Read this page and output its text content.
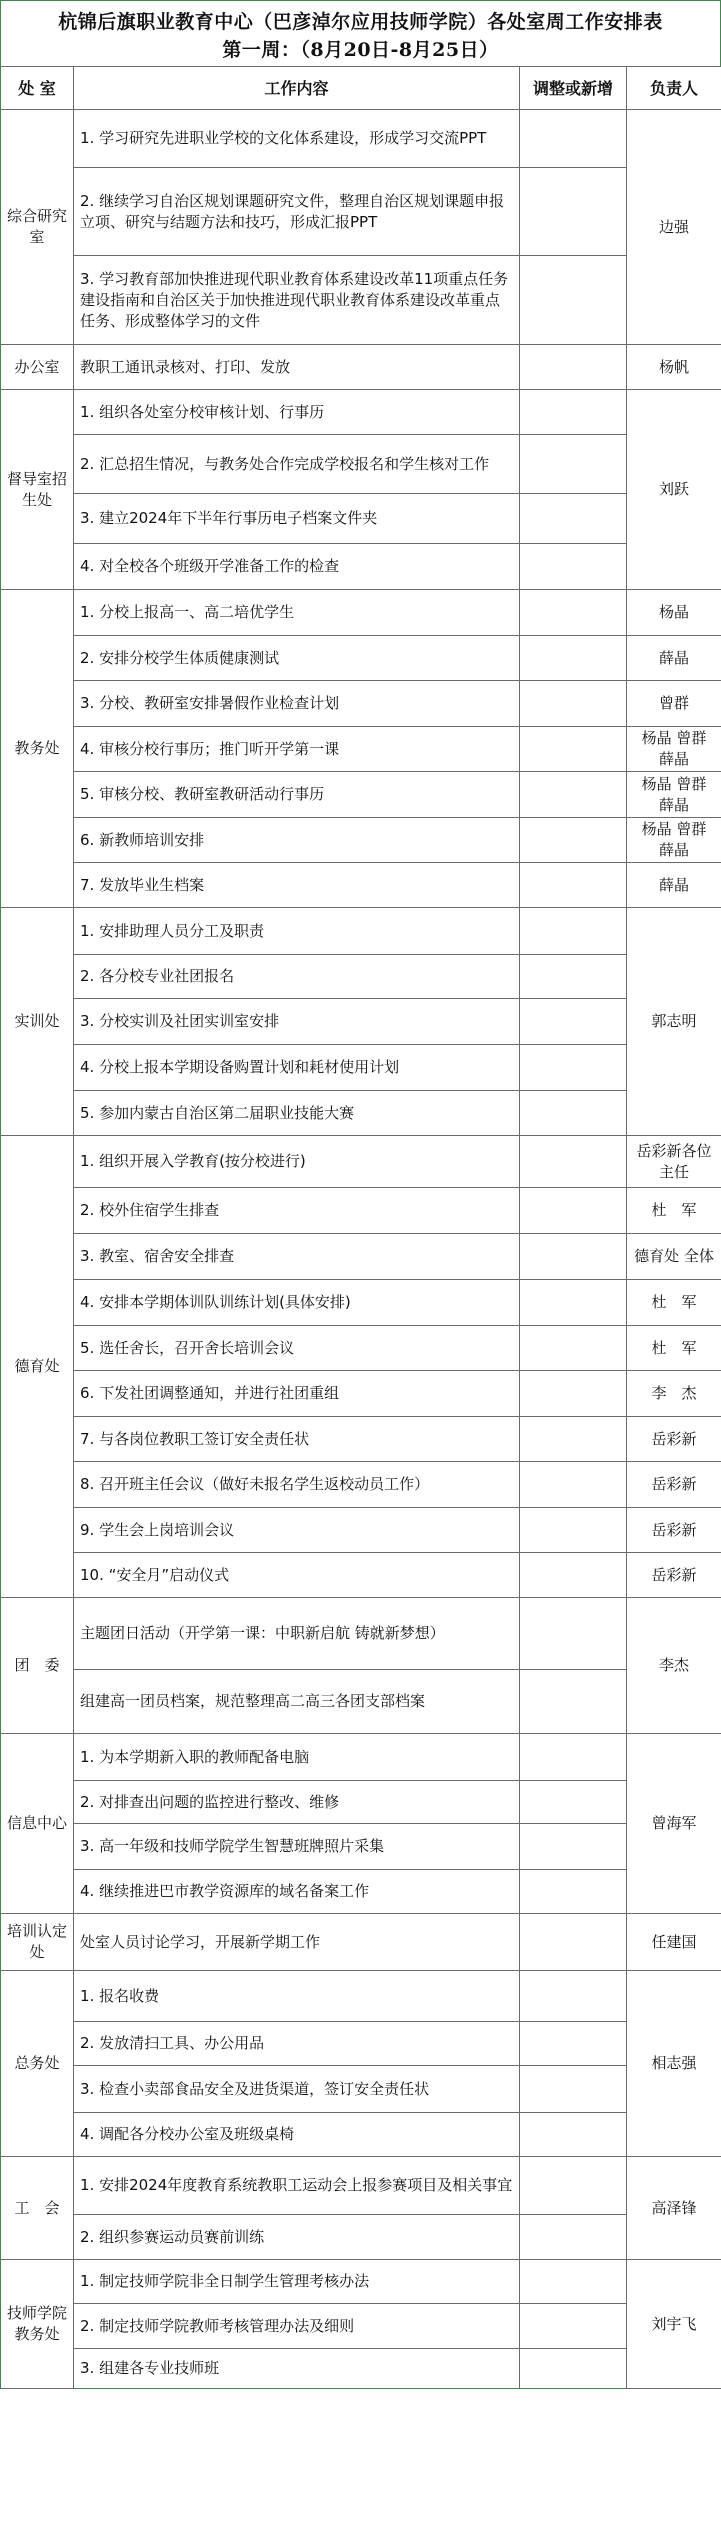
杭锦后旗职业教育中心（巴彦淖尔应用技师学院）各处室周工作安排表
第一周：（8月20日-8月25日）
处 室	工作内容	调整或新增	负责人
综合研究室	1. 学习研究先进职业学校的文化体系建设，形成学习交流PPT		边强
	2. 继续学习自治区规划课题研究文件，整理自治区规划课题申报立项、研究与结题方法和技巧，形成汇报PPT		
	3. 学习教育部加快推进现代职业教育体系建设改革11项重点任务建设指南和自治区关于加快推进现代职业教育体系建设改革重点任务、形成整体学习的文件		
办公室	教职工通讯录核对、打印、发放		杨帆
督导室招生处	1. 组织各处室分校审核计划、行事历		刘跃
	2. 汇总招生情况，与教务处合作完成学校报名和学生核对工作		
	3. 建立2024年下半年行事历电子档案文件夹		
	4. 对全校各个班级开学准备工作的检查		
教务处	1. 分校上报高一、高二培优学生		杨晶
	2. 安排分校学生体质健康测试		薛晶
	3. 分校、教研室安排暑假作业检查计划		曾群
	4. 审核分校行事历；推门听开学第一课		杨晶 曾群 薛晶
	5. 审核分校、教研室教研活动行事历		杨晶 曾群 薛晶
	6. 新教师培训安排		杨晶 曾群 薛晶
	7. 发放毕业生档案		薛晶
实训处	1. 安排助理人员分工及职责		郭志明
	2. 各分校专业社团报名		
	3. 分校实训及社团实训室安排		
	4. 分校上报本学期设备购置计划和耗材使用计划		
	5. 参加内蒙古自治区第二届职业技能大赛		
德育处	1. 组织开展入学教育(按分校进行)		岳彩新各位主任
	2. 校外住宿学生排查		杜　军
	3. 教室、宿舍安全排查		德育处 全体
	4. 安排本学期体训队训练计划(具体安排)		杜　军
	5. 选任舍长，召开舍长培训会议		杜　军
	6. 下发社团调整通知，并进行社团重组		李　杰
	7. 与各岗位教职工签订安全责任状		岳彩新
	8. 召开班主任会议（做好未报名学生返校动员工作）		岳彩新
	9. 学生会上岗培训会议		岳彩新
	10. “安全月”启动仪式		岳彩新
团　委	主题团日活动（开学第一课：中职新启航 铸就新梦想）		李杰
	组建高一团员档案，规范整理高二高三各团支部档案		
信息中心	1. 为本学期新入职的教师配备电脑		曾海军
	2. 对排查出问题的监控进行整改、维修		
	3. 高一年级和技师学院学生智慧班牌照片采集		
	4. 继续推进巴市教学资源库的域名备案工作		
培训认定处	处室人员讨论学习，开展新学期工作		任建国
总务处	1. 报名收费		相志强
	2. 发放清扫工具、办公用品		
	3. 检查小卖部食品安全及进货渠道，签订安全责任状		
	4. 调配各分校办公室及班级桌椅		
工　会	1. 安排2024年度教育系统教职工运动会上报参赛项目及相关事宜		高泽锋
	2. 组织参赛运动员赛前训练		
技师学院教务处	1. 制定技师学院非全日制学生管理考核办法		刘宇飞
	2. 制定技师学院教师考核管理办法及细则		
	3. 组建各专业技师班		
